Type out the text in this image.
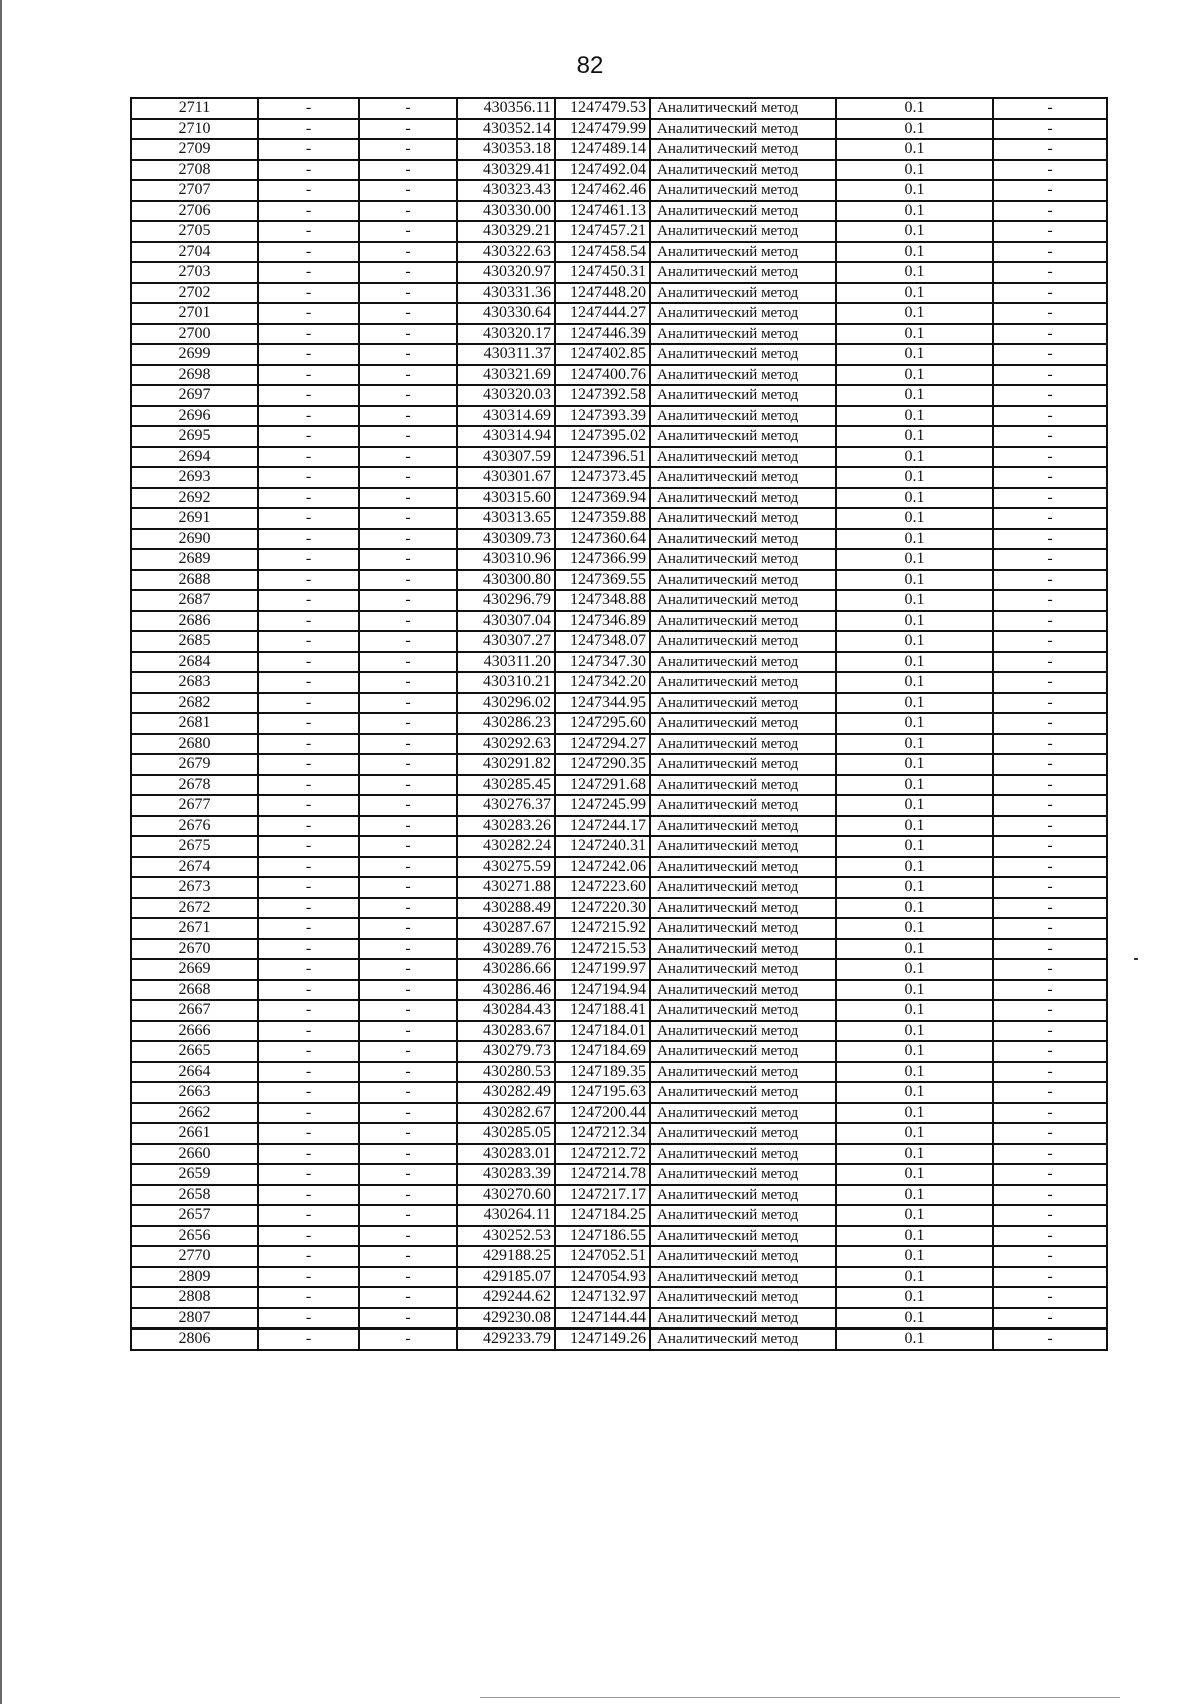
82
2711	-	-	430356.11	1247479.53	Аналитический метод	0.1	-
2710	-	-	430352.14	1247479.99	Аналитический метод	0.1	-
2709	-	-	430353.18	1247489.14	Аналитический метод	0.1	-
2708	-	-	430329.41	1247492.04	Аналитический метод	0.1	-
2707	-	-	430323.43	1247462.46	Аналитический метод	0.1	-
2706	-	-	430330.00	1247461.13	Аналитический метод	0.1	-
2705	-	-	430329.21	1247457.21	Аналитический метод	0.1	-
2704	-	-	430322.63	1247458.54	Аналитический метод	0.1	-
2703	-	-	430320.97	1247450.31	Аналитический метод	0.1	-
2702	-	-	430331.36	1247448.20	Аналитический метод	0.1	-
2701	-	-	430330.64	1247444.27	Аналитический метод	0.1	-
2700	-	-	430320.17	1247446.39	Аналитический метод	0.1	-
2699	-	-	430311.37	1247402.85	Аналитический метод	0.1	-
2698	-	-	430321.69	1247400.76	Аналитический метод	0.1	-
2697	-	-	430320.03	1247392.58	Аналитический метод	0.1	-
2696	-	-	430314.69	1247393.39	Аналитический метод	0.1	-
2695	-	-	430314.94	1247395.02	Аналитический метод	0.1	-
2694	-	-	430307.59	1247396.51	Аналитический метод	0.1	-
2693	-	-	430301.67	1247373.45	Аналитический метод	0.1	-
2692	-	-	430315.60	1247369.94	Аналитический метод	0.1	-
2691	-	-	430313.65	1247359.88	Аналитический метод	0.1	-
2690	-	-	430309.73	1247360.64	Аналитический метод	0.1	-
2689	-	-	430310.96	1247366.99	Аналитический метод	0.1	-
2688	-	-	430300.80	1247369.55	Аналитический метод	0.1	-
2687	-	-	430296.79	1247348.88	Аналитический метод	0.1	-
2686	-	-	430307.04	1247346.89	Аналитический метод	0.1	-
2685	-	-	430307.27	1247348.07	Аналитический метод	0.1	-
2684	-	-	430311.20	1247347.30	Аналитический метод	0.1	-
2683	-	-	430310.21	1247342.20	Аналитический метод	0.1	-
2682	-	-	430296.02	1247344.95	Аналитический метод	0.1	-
2681	-	-	430286.23	1247295.60	Аналитический метод	0.1	-
2680	-	-	430292.63	1247294.27	Аналитический метод	0.1	-
2679	-	-	430291.82	1247290.35	Аналитический метод	0.1	-
2678	-	-	430285.45	1247291.68	Аналитический метод	0.1	-
2677	-	-	430276.37	1247245.99	Аналитический метод	0.1	-
2676	-	-	430283.26	1247244.17	Аналитический метод	0.1	-
2675	-	-	430282.24	1247240.31	Аналитический метод	0.1	-
2674	-	-	430275.59	1247242.06	Аналитический метод	0.1	-
2673	-	-	430271.88	1247223.60	Аналитический метод	0.1	-
2672	-	-	430288.49	1247220.30	Аналитический метод	0.1	-
2671	-	-	430287.67	1247215.92	Аналитический метод	0.1	-
2670	-	-	430289.76	1247215.53	Аналитический метод	0.1	-
2669	-	-	430286.66	1247199.97	Аналитический метод	0.1	-
2668	-	-	430286.46	1247194.94	Аналитический метод	0.1	-
2667	-	-	430284.43	1247188.41	Аналитический метод	0.1	-
2666	-	-	430283.67	1247184.01	Аналитический метод	0.1	-
2665	-	-	430279.73	1247184.69	Аналитический метод	0.1	-
2664	-	-	430280.53	1247189.35	Аналитический метод	0.1	-
2663	-	-	430282.49	1247195.63	Аналитический метод	0.1	-
2662	-	-	430282.67	1247200.44	Аналитический метод	0.1	-
2661	-	-	430285.05	1247212.34	Аналитический метод	0.1	-
2660	-	-	430283.01	1247212.72	Аналитический метод	0.1	-
2659	-	-	430283.39	1247214.78	Аналитический метод	0.1	-
2658	-	-	430270.60	1247217.17	Аналитический метод	0.1	-
2657	-	-	430264.11	1247184.25	Аналитический метод	0.1	-
2656	-	-	430252.53	1247186.55	Аналитический метод	0.1	-
2770	-	-	429188.25	1247052.51	Аналитический метод	0.1	-
2809	-	-	429185.07	1247054.93	Аналитический метод	0.1	-
2808	-	-	429244.62	1247132.97	Аналитический метод	0.1	-
2807	-	-	429230.08	1247144.44	Аналитический метод	0.1	-
2806	-	-	429233.79	1247149.26	Аналитический метод	0.1	-
